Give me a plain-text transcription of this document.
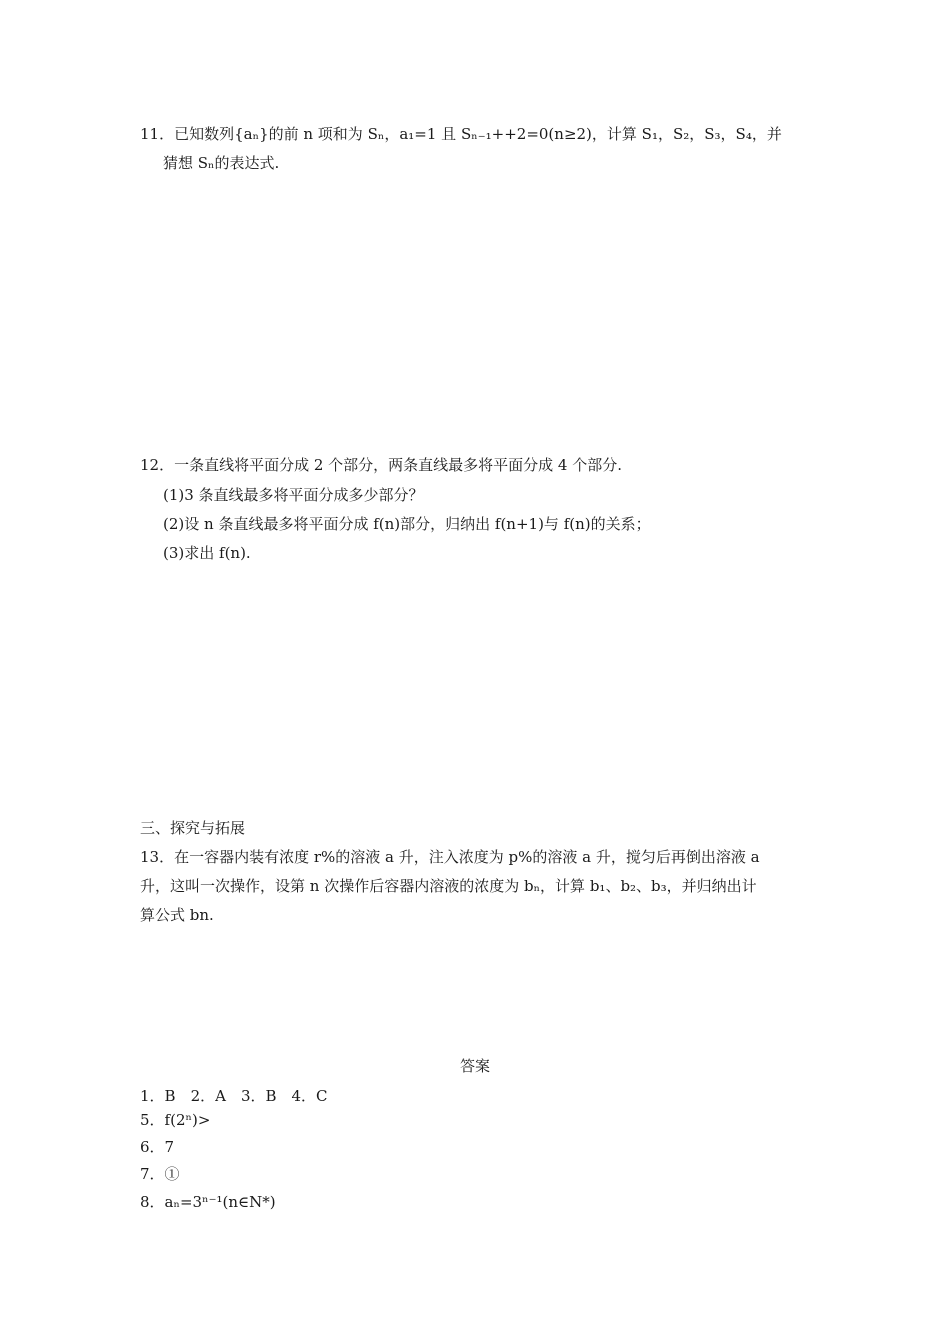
11．已知数列{aₙ}的前 n 项和为 Sₙ，a₁=1 且 Sₙ₋₁++2=0(n≥2)，计算 S₁，S₂，S₃，S₄，并
猜想 Sₙ的表达式.
12．一条直线将平面分成 2 个部分，两条直线最多将平面分成 4 个部分.
(1)3 条直线最多将平面分成多少部分？
(2)设 n 条直线最多将平面分成 f(n)部分，归纳出 f(n+1)与 f(n)的关系；
(3)求出 f(n).
三、探究与拓展
13．在一容器内装有浓度 r%的溶液 a 升，注入浓度为 p%的溶液 a 升，搅匀后再倒出溶液 a
升，这叫一次操作，设第 n 次操作后容器内溶液的浓度为 bₙ，计算 b₁、b₂、b₃，并归纳出计
算公式 bn.
答案
1．B　2．A　3．B　4．C
5．f(2ⁿ)>
6．7
7．①
8．aₙ=3ⁿ⁻¹(n∈N*)
